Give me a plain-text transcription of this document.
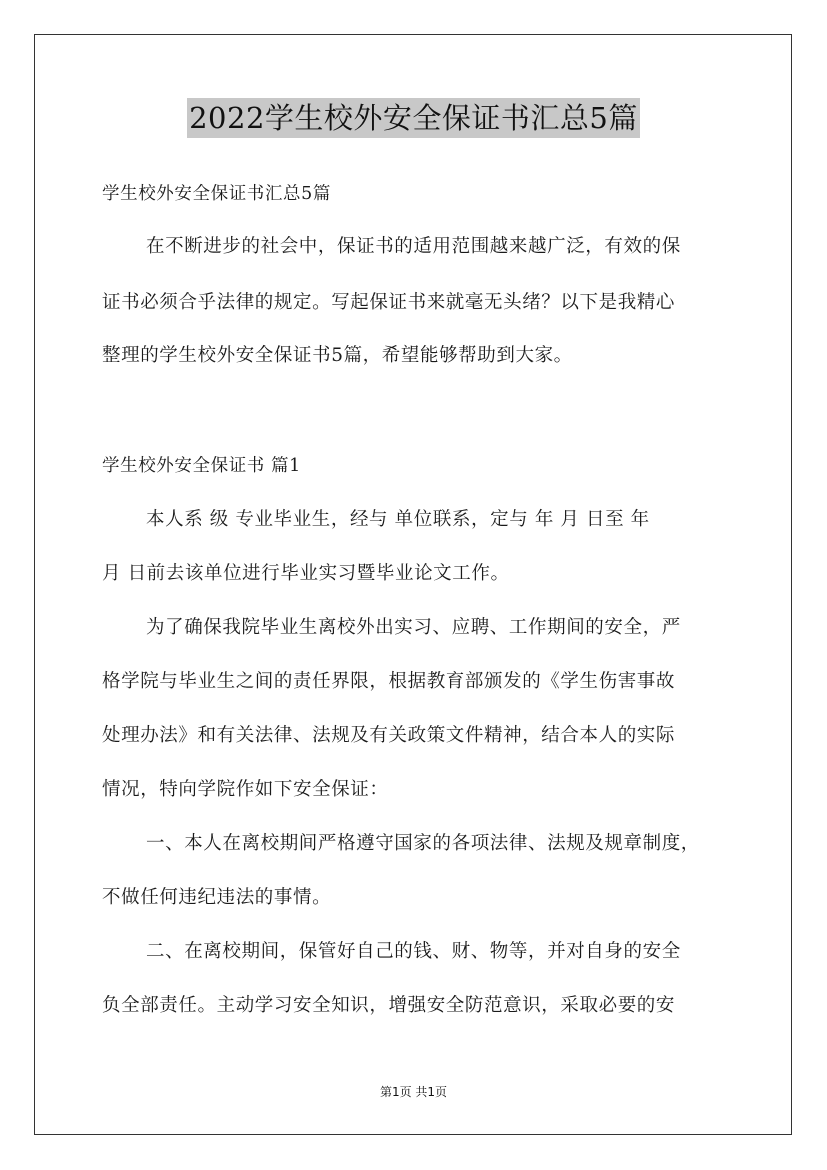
2022学生校外安全保证书汇总5篇
学生校外安全保证书汇总5篇
在不断进步的社会中，保证书的适用范围越来越广泛，有效的保
证书必须合乎法律的规定。写起保证书来就毫无头绪？以下是我精心
整理的学生校外安全保证书5篇，希望能够帮助到大家。
学生校外安全保证书 篇1
本人系 级 专业毕业生，经与 单位联系，定与 年 月 日至 年
月 日前去该单位进行毕业实习暨毕业论文工作。
为了确保我院毕业生离校外出实习、应聘、工作期间的安全，严
格学院与毕业生之间的责任界限，根据教育部颁发的《学生伤害事故
处理办法》和有关法律、法规及有关政策文件精神，结合本人的实际
情况，特向学院作如下安全保证：
一、本人在离校期间严格遵守国家的各项法律、法规及规章制度，
不做任何违纪违法的事情。
二、在离校期间，保管好自己的钱、财、物等，并对自身的安全
负全部责任。主动学习安全知识，增强安全防范意识，采取必要的安
第1页 共1页
